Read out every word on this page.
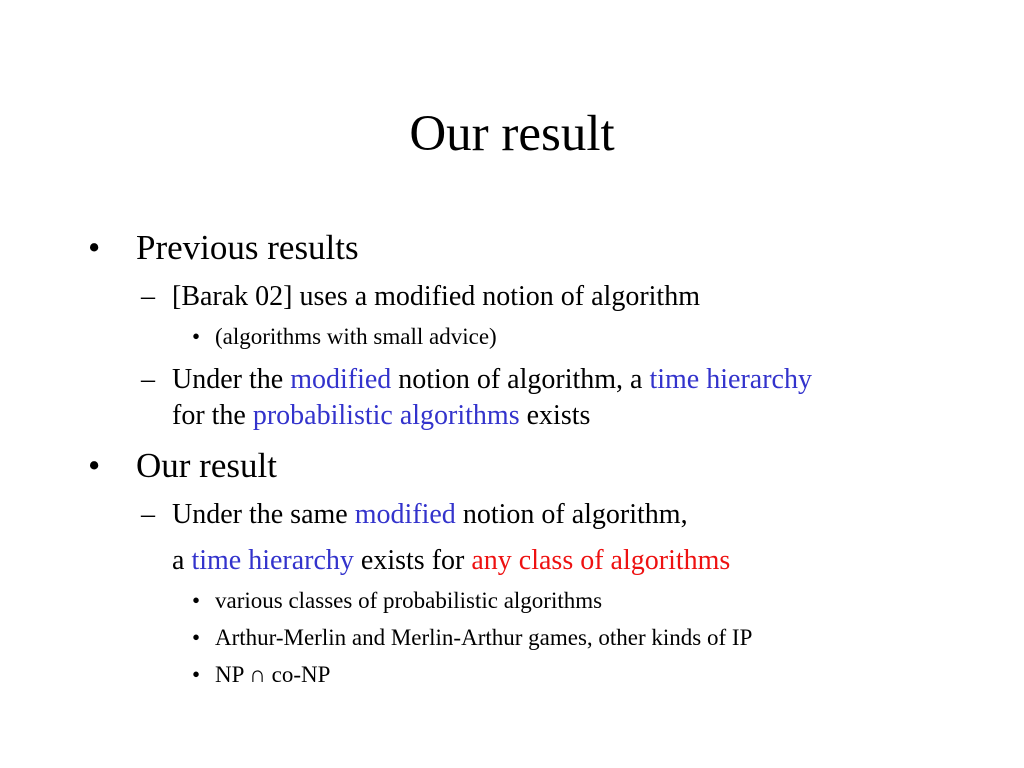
Our result
• Previous results
– [Barak 02] uses a modified notion of algorithm
• (algorithms with small advice)
– Under the modified notion of algorithm, a time hierarchy
for the probabilistic algorithms exists
• Our result
– Under the same modified notion of algorithm,
a time hierarchy exists for any class of algorithms
• various classes of probabilistic algorithms
• Arthur-Merlin and Merlin-Arthur games, other kinds of IP
• NP ∩ co-NP
